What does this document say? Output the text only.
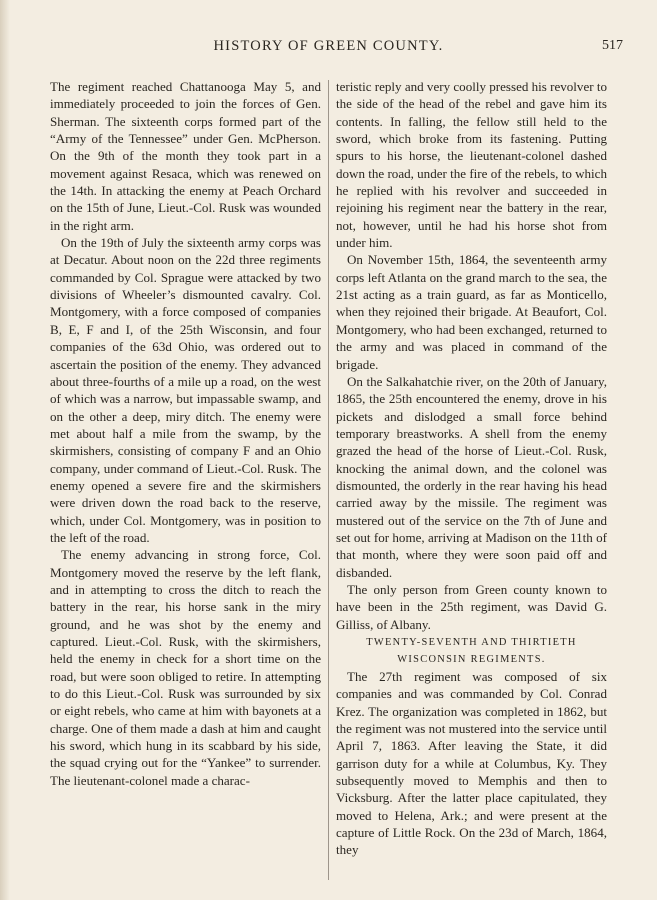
HISTORY OF GREEN COUNTY.	517

The regiment reached Chattanooga May 5, and immediately proceeded to join the forces of Gen. Sherman. The sixteenth corps formed part of the “Army of the Tennessee” under Gen. McPherson. On the 9th of the month they took part in a movement against Resaca, which was renewed on the 14th. In attacking the enemy at Peach Orchard on the 15th of June, Lieut.-Col. Rusk was wounded in the right arm.

On the 19th of July the sixteenth army corps was at Decatur. About noon on the 22d three regiments commanded by Col. Sprague were attacked by two divisions of Wheeler’s dismounted cavalry. Col. Montgomery, with a force composed of companies B, E, F and I, of the 25th Wisconsin, and four companies of the 63d Ohio, was ordered out to ascertain the position of the enemy. They advanced about three-fourths of a mile up a road, on the west of which was a narrow, but impassable swamp, and on the other a deep, miry ditch. The enemy were met about half a mile from the swamp, by the skirmishers, consisting of company F and an Ohio company, under command of Lieut.-Col. Rusk. The enemy opened a severe fire and the skirmishers were driven down the road back to the reserve, which, under Col. Montgomery, was in position to the left of the road.

The enemy advancing in strong force, Col. Montgomery moved the reserve by the left flank, and in attempting to cross the ditch to reach the battery in the rear, his horse sank in the miry ground, and he was shot by the enemy and captured. Lieut.-Col. Rusk, with the skirmishers, held the enemy in check for a short time on the road, but were soon obliged to retire. In attempting to do this Lieut.-Col. Rusk was surrounded by six or eight rebels, who came at him with bayonets at a charge. One of them made a dash at him and caught his sword, which hung in its scabbard by his side, the squad crying out for the “Yankee” to surrender. The lieutenant-colonel made a charac-

teristic reply and very coolly pressed his revolver to the side of the head of the rebel and gave him its contents. In falling, the fellow still held to the sword, which broke from its fastening. Putting spurs to his horse, the lieutenant-colonel dashed down the road, under the fire of the rebels, to which he replied with his revolver and succeeded in rejoining his regiment near the battery in the rear, not, however, until he had his horse shot from under him.

On November 15th, 1864, the seventeenth army corps left Atlanta on the grand march to the sea, the 21st acting as a train guard, as far as Monticello, when they rejoined their brigade. At Beaufort, Col. Montgomery, who had been exchanged, returned to the army and was placed in command of the brigade.

On the Salkahatchie river, on the 20th of January, 1865, the 25th encountered the enemy, drove in his pickets and dislodged a small force behind temporary breastworks. A shell from the enemy grazed the head of the horse of Lieut.-Col. Rusk, knocking the animal down, and the colonel was dismounted, the orderly in the rear having his head carried away by the missile. The regiment was mustered out of the service on the 7th of June and set out for home, arriving at Madison on the 11th of that month, where they were soon paid off and disbanded.

The only person from Green county known to have been in the 25th regiment, was David G. Gilliss, of Albany.

TWENTY-SEVENTH AND THIRTIETH WISCONSIN REGIMENTS.

The 27th regiment was composed of six companies and was commanded by Col. Conrad Krez. The organization was completed in 1862, but the regiment was not mustered into the service until April 7, 1863. After leaving the State, it did garrison duty for a while at Columbus, Ky. They subsequently moved to Memphis and then to Vicksburg. After the latter place capitulated, they moved to Helena, Ark.; and were present at the capture of Little Rock. On the 23d of March, 1864, they
